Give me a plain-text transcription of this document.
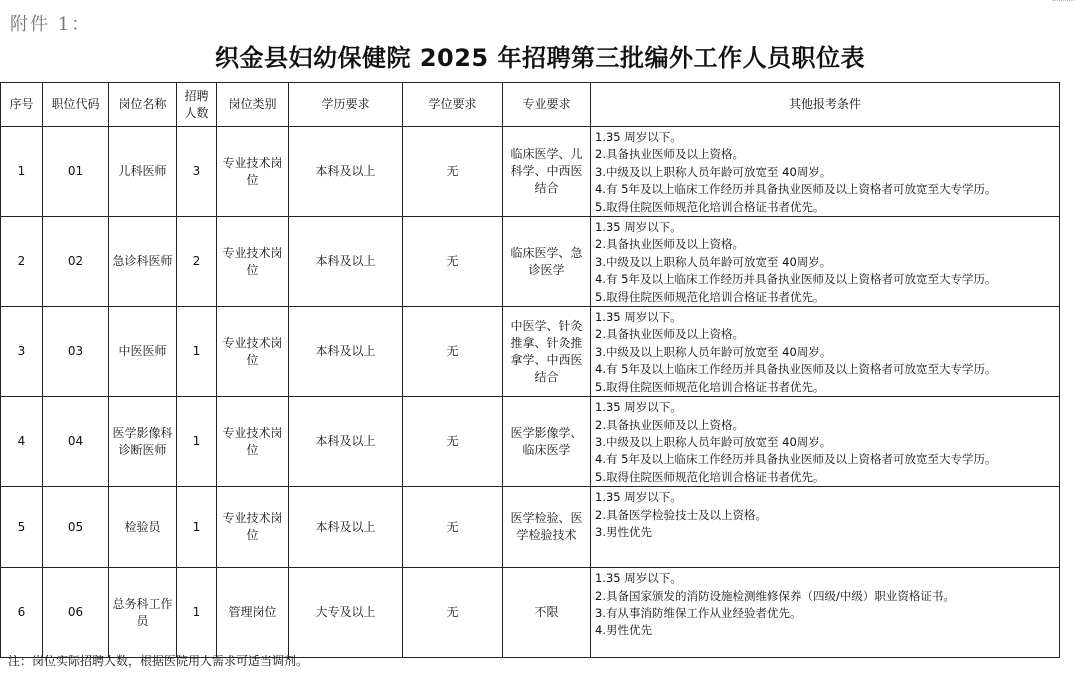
附件 1：
织金县妇幼保健院 2025 年招聘第三批编外工作人员职位表
序号	职位代码	岗位名称	招聘人数	岗位类别	学历要求	学位要求	专业要求	其他报考条件
1	01	儿科医师	3	专业技术岗位	本科及以上	无	临床医学、儿科学、中西医结合	1.35 周岁以下。
2.具备执业医师及以上资格。
3.中级及以上职称人员年龄可放宽至 40周岁。
4.有 5年及以上临床工作经历并具备执业医师及以上资格者可放宽至大专学历。
5.取得住院医师规范化培训合格证书者优先。

2	02	急诊科医师	2	专业技术岗位	本科及以上	无	临床医学、急诊医学	1.35 周岁以下。
2.具备执业医师及以上资格。
3.中级及以上职称人员年龄可放宽至 40周岁。
4.有 5年及以上临床工作经历并具备执业医师及以上资格者可放宽至大专学历。
5.取得住院医师规范化培训合格证书者优先。

3	03	中医医师	1	专业技术岗位	本科及以上	无	中医学、针灸推拿、针灸推拿学、中西医结合	1.35 周岁以下。
2.具备执业医师及以上资格。
3.中级及以上职称人员年龄可放宽至 40周岁。
4.有 5年及以上临床工作经历并具备执业医师及以上资格者可放宽至大专学历。
5.取得住院医师规范化培训合格证书者优先。

4	04	医学影像科诊断医师	1	专业技术岗位	本科及以上	无	医学影像学、临床医学	1.35 周岁以下。
2.具备执业医师及以上资格。
3.中级及以上职称人员年龄可放宽至 40周岁。
4.有 5年及以上临床工作经历并具备执业医师及以上资格者可放宽至大专学历。
5.取得住院医师规范化培训合格证书者优先。

5	05	检验员	1	专业技术岗位	本科及以上	无	医学检验、医学检验技术	1.35 周岁以下。
2.具备医学检验技士及以上资格。
3.男性优先

6	06	总务科工作员	1	管理岗位	大专及以上	无	不限	1.35 周岁以下。
2.具备国家颁发的消防设施检测维修保养（四级/中级）职业资格证书。
3.有从事消防维保工作从业经验者优先。
4.男性优先
注：岗位实际招聘人数，根据医院用人需求可适当调剂。
